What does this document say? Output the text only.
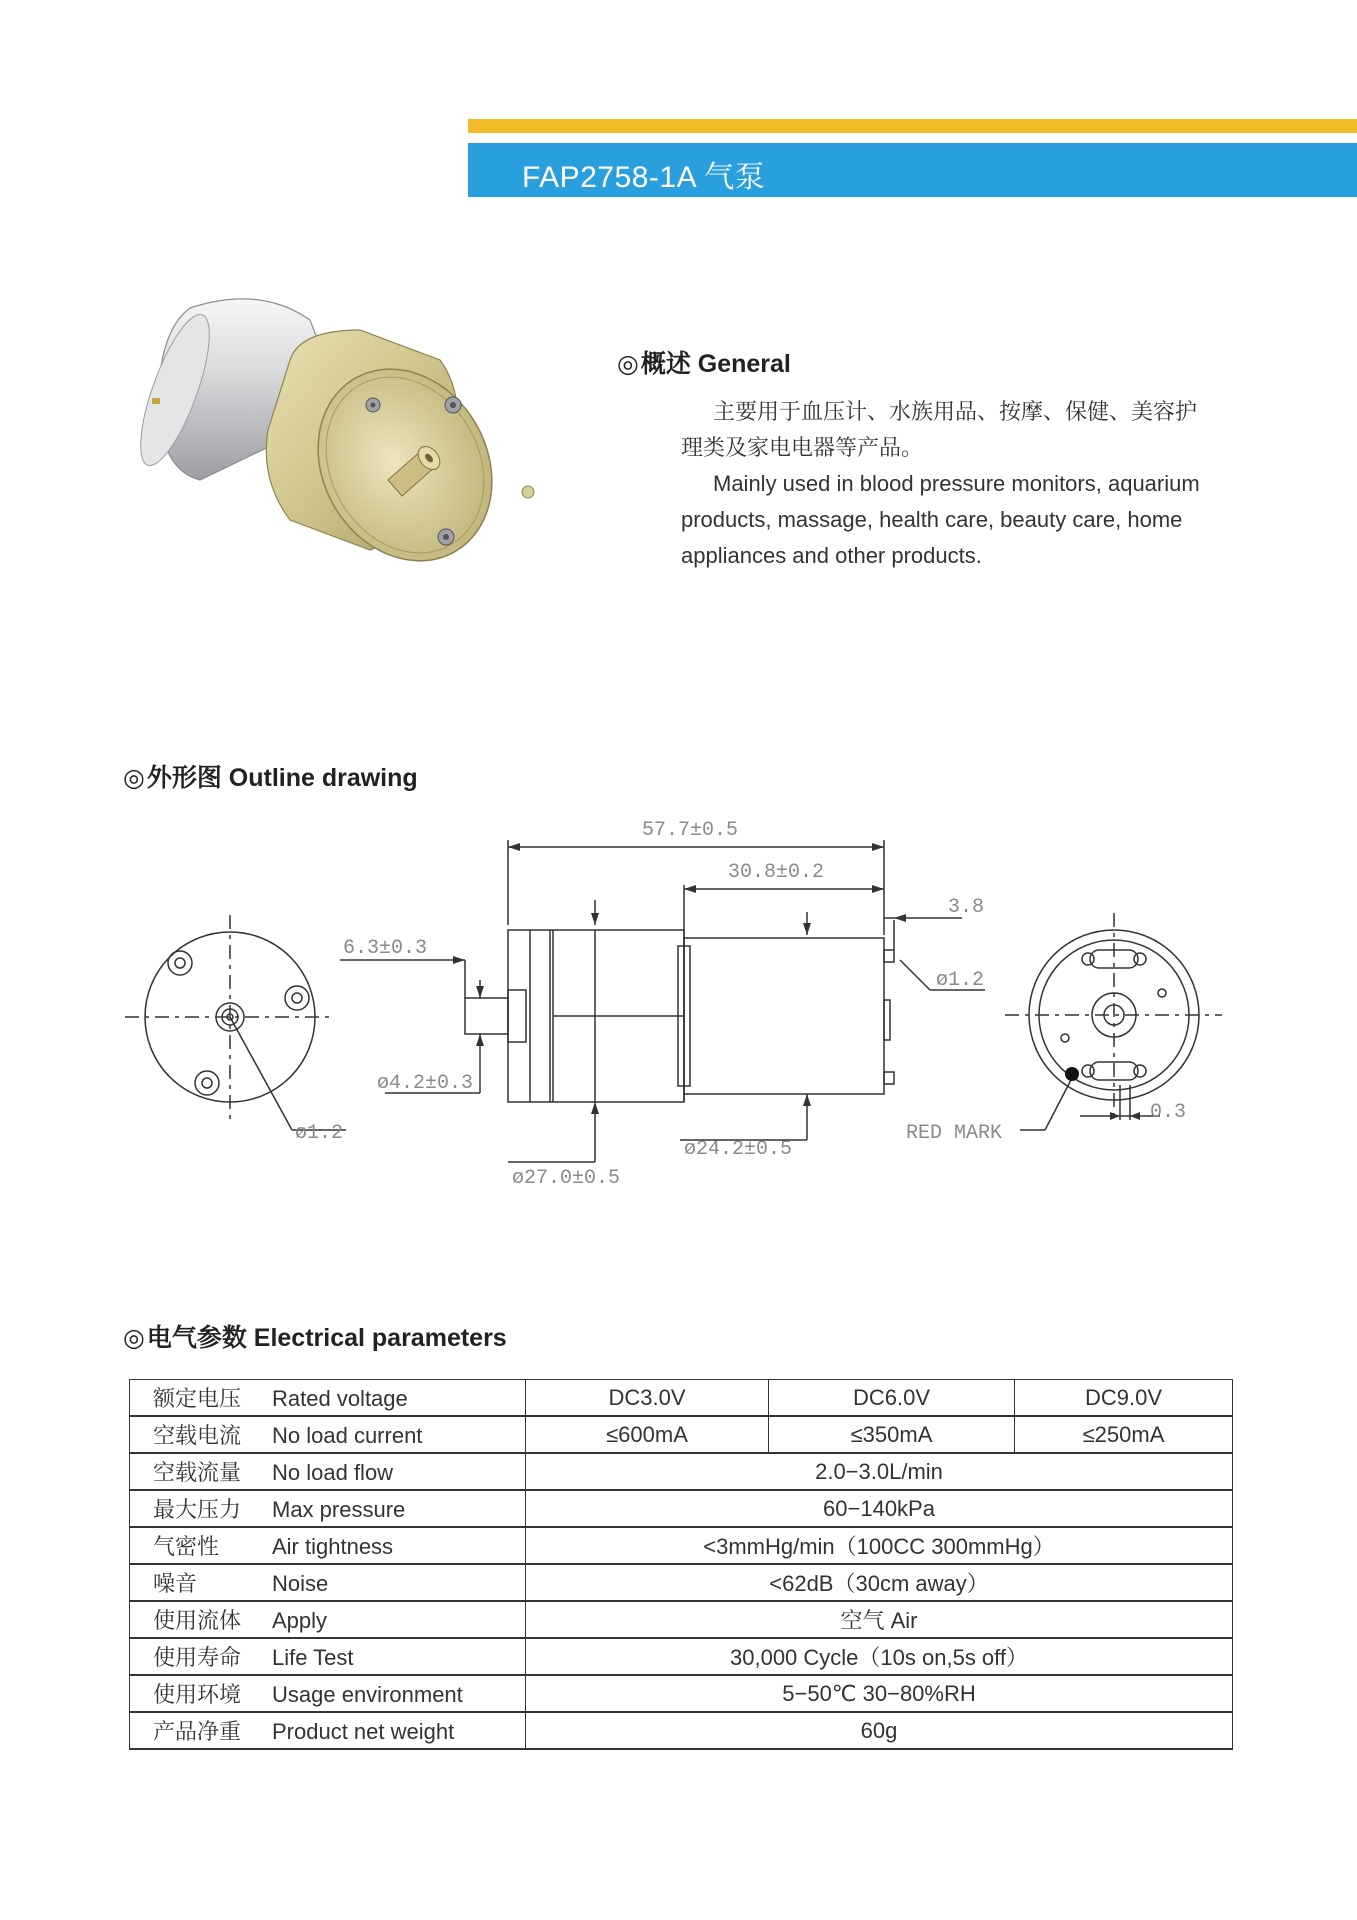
FAP2758-1A 气泵
◎概述 General

主要用于血压计、水族用品、按摩、保健、美容护理类及家电电器等产品。

Mainly used in blood pressure monitors, aquarium products, massage, health care, beauty care, home appliances and other products.

◎外形图 Outline drawing
57.7±0.5
30.8±0.2
3.8
6.3±0.3
ø1.2
ø4.2±0.3
ø24.2±0.5
ø27.0±0.5
ø1.2	RED MARK
0.3
◎电气参数 Electrical parameters
额定电压 Rated voltage	DC3.0V	DC6.0V	DC9.0V
空载电流 No load current	≤600mA	≤350mA	≤250mA
空载流量 No load flow	2.0−3.0L/min		
最大压力 Max pressure	60−140kPa		
气密性 Air tightness	<3mmHg/min（100CC 300mmHg）		
噪音 Noise	<62dB（30cm away）		
使用流体 Apply	空气 Air		
使用寿命 Life Test	30,000 Cycle（10s on,5s off）		
使用环境 Usage environment	5−50℃ 30−80%RH		
产品净重 Product net weight	60g		
